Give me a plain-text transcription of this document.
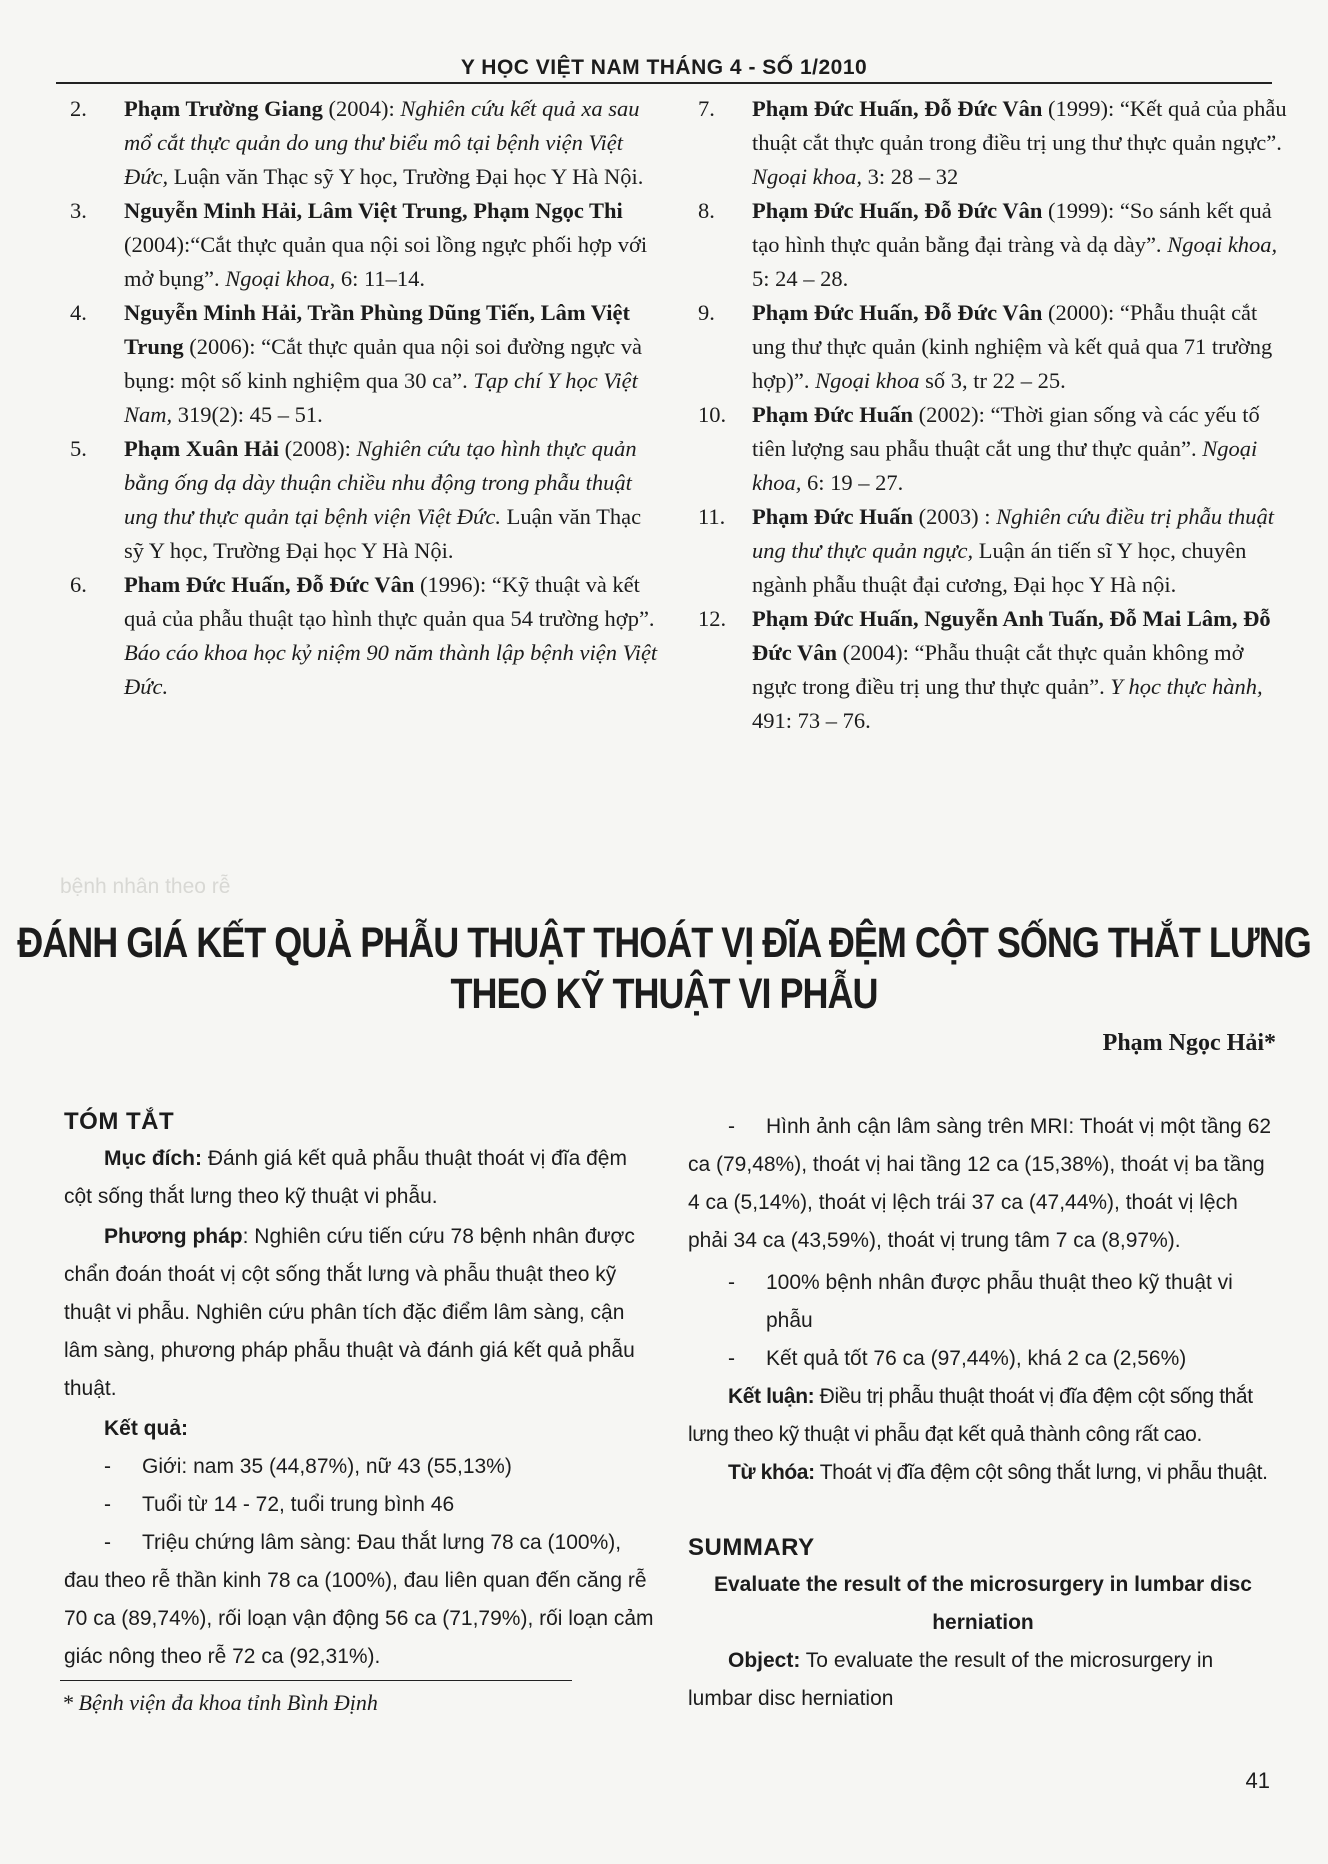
Y HỌC VIỆT NAM THÁNG 4 - SỐ 1/2010
bệnh nhân theo rễ
2. Phạm Trường Giang (2004): Nghiên cứu kết quả xa sau mổ cắt thực quản do ung thư biểu mô tại bệnh viện Việt Đức, Luận văn Thạc sỹ Y học, Trường Đại học Y Hà Nội.
3. Nguyễn Minh Hải, Lâm Việt Trung, Phạm Ngọc Thi (2004):“Cắt thực quản qua nội soi lồng ngực phối hợp với mở bụng”. Ngoại khoa, 6: 11–14.
4. Nguyễn Minh Hải, Trần Phùng Dũng Tiến, Lâm Việt Trung (2006): “Cắt thực quản qua nội soi đường ngực và bụng: một số kinh nghiệm qua 30 ca”. Tạp chí Y học Việt Nam, 319(2): 45 – 51.
5. Phạm Xuân Hải (2008): Nghiên cứu tạo hình thực quản bằng ống dạ dày thuận chiều nhu động trong phẫu thuật ung thư thực quản tại bệnh viện Việt Đức. Luận văn Thạc sỹ Y học, Trường Đại học Y Hà Nội.
6. Pham Đức Huấn, Đỗ Đức Vân (1996): “Kỹ thuật và kết quả của phẫu thuật tạo hình thực quản qua 54 trường hợp”. Báo cáo khoa học kỷ niệm 90 năm thành lập bệnh viện Việt Đức.
7. Phạm Đức Huấn, Đỗ Đức Vân (1999): “Kết quả của phẫu thuật cắt thực quản trong điều trị ung thư thực quản ngực”. Ngoại khoa, 3: 28 – 32
8. Phạm Đức Huấn, Đỗ Đức Vân (1999): “So sánh kết quả tạo hình thực quản bằng đại tràng và dạ dày”. Ngoại khoa, 5: 24 – 28.
9. Phạm Đức Huấn, Đỗ Đức Vân (2000): “Phẫu thuật cắt ung thư thực quản (kinh nghiệm và kết quả qua 71 trường hợp)”. Ngoại khoa số 3, tr 22 – 25.
10. Phạm Đức Huấn (2002): “Thời gian sống và các yếu tố tiên lượng sau phẫu thuật cắt ung thư thực quản”. Ngoại khoa, 6: 19 – 27.
11. Phạm Đức Huấn (2003) : Nghiên cứu điều trị phẫu thuật ung thư thực quản ngực, Luận án tiến sĩ Y học, chuyên ngành phẫu thuật đại cương, Đại học Y Hà nội.
12. Phạm Đức Huấn, Nguyễn Anh Tuấn, Đỗ Mai Lâm, Đỗ Đức Vân (2004): “Phẫu thuật cắt thực quản không mở ngực trong điều trị ung thư thực quản”. Y học thực hành, 491: 73 – 76.
ĐÁNH GIÁ KẾT QUẢ PHẪU THUẬT THOÁT VỊ ĐĨA ĐỆM CỘT SỐNG THẮT LƯNG
THEO KỸ THUẬT VI PHẪU
Phạm Ngọc Hải*
TÓM TẮT
Mục đích: Đánh giá kết quả phẫu thuật thoát vị đĩa đệm cột sống thắt lưng theo kỹ thuật vi phẫu.
Phương pháp: Nghiên cứu tiến cứu 78 bệnh nhân được chẩn đoán thoát vị cột sống thắt lưng và phẫu thuật theo kỹ thuật vi phẫu. Nghiên cứu phân tích đặc điểm lâm sàng, cận lâm sàng, phương pháp phẫu thuật và đánh giá kết quả phẫu thuật.
Kết quả:
- Giới: nam 35 (44,87%), nữ 43 (55,13%)
- Tuổi từ 14 - 72, tuổi trung bình 46
- Triệu chứng lâm sàng: Đau thắt lưng 78 ca (100%), đau theo rễ thần kinh 78 ca (100%), đau liên quan đến căng rễ 70 ca (89,74%), rối loạn vận động 56 ca (71,79%), rối loạn cảm giác nông theo rễ 72 ca (92,31%).
* Bệnh viện đa khoa tỉnh Bình Định
- Hình ảnh cận lâm sàng trên MRI: Thoát vị một tầng 62 ca (79,48%), thoát vị hai tầng 12 ca (15,38%), thoát vị ba tầng 4 ca (5,14%), thoát vị lệch trái 37 ca (47,44%), thoát vị lệch phải 34 ca (43,59%), thoát vị trung tâm 7 ca (8,97%).
- 100% bệnh nhân được phẫu thuật theo kỹ thuật vi phẫu
- Kết quả tốt 76 ca (97,44%), khá 2 ca (2,56%)
Kết luận: Điều trị phẫu thuật thoát vị đĩa đệm cột sống thắt lưng theo kỹ thuật vi phẫu đạt kết quả thành công rất cao.
Từ khóa: Thoát vị đĩa đệm cột sông thắt lưng, vi phẫu thuật.
SUMMARY
Evaluate the result of the microsurgery in lumbar disc herniation
Object: To evaluate the result of the microsurgery in lumbar disc herniation
41
